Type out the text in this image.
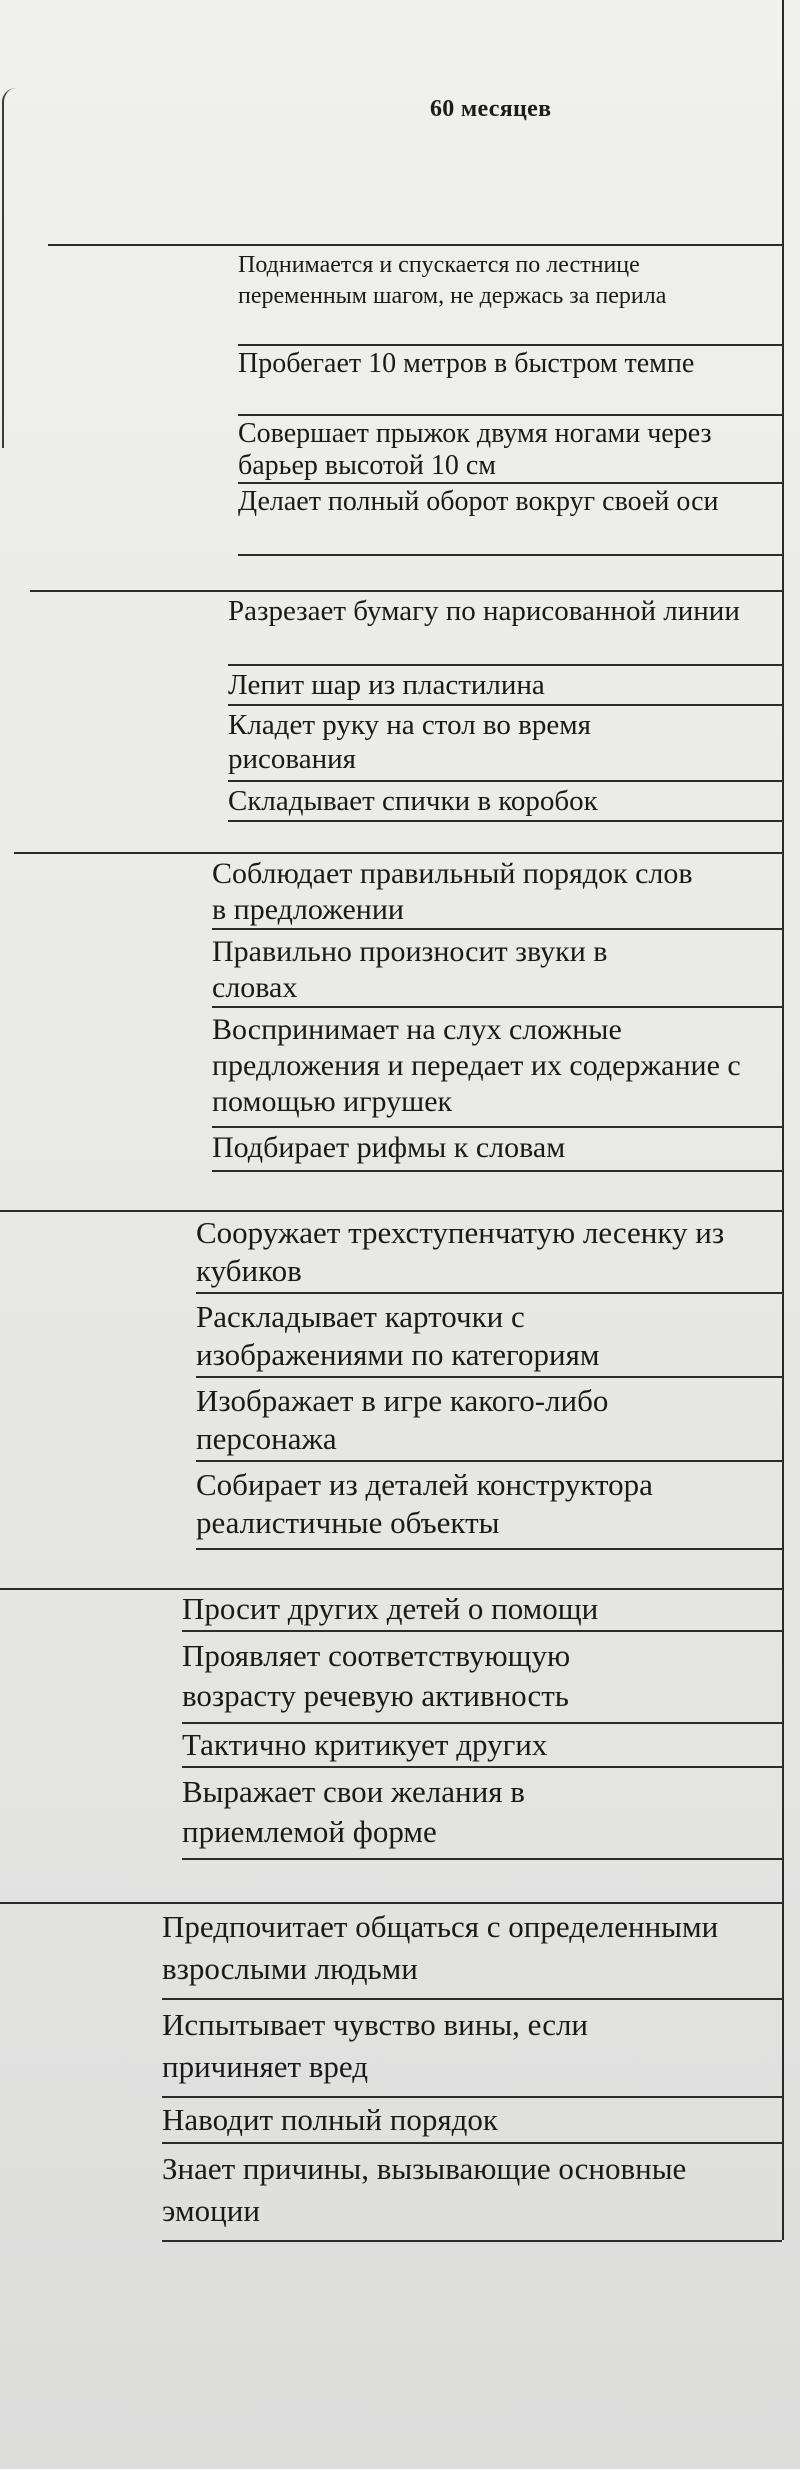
60 месяцев
Поднимается и спускается по лестнице переменным шагом, не держась за перила
Пробегает 10 метров в быстром темпе
Совершает прыжок двумя ногами через барьер высотой 10 см
Делает полный оборот вокруг своей оси
Разрезает бумагу по нарисованной линии
Лепит шар из пластилина
Кладет руку на стол во время рисования
Складывает спички в коробок
Соблюдает правильный порядок слов в предложении
Правильно произносит звуки в словах
Воспринимает на слух сложные предложения и передает их содержание с помощью игрушек
Подбирает рифмы к словам
Сооружает трехступенчатую лесенку из кубиков
Раскладывает карточки с изображениями по категориям
Изображает в игре какого-либо персонажа
Собирает из деталей конструктора реалистичные объекты
Просит других детей о помощи
Проявляет соответствующую возрасту речевую активность
Тактично критикует других
Выражает свои желания в приемлемой форме
Предпочитает общаться с определенными взрослыми людьми
Испытывает чувство вины, если причиняет вред
Наводит полный порядок
Знает причины, вызывающие основные эмоции
